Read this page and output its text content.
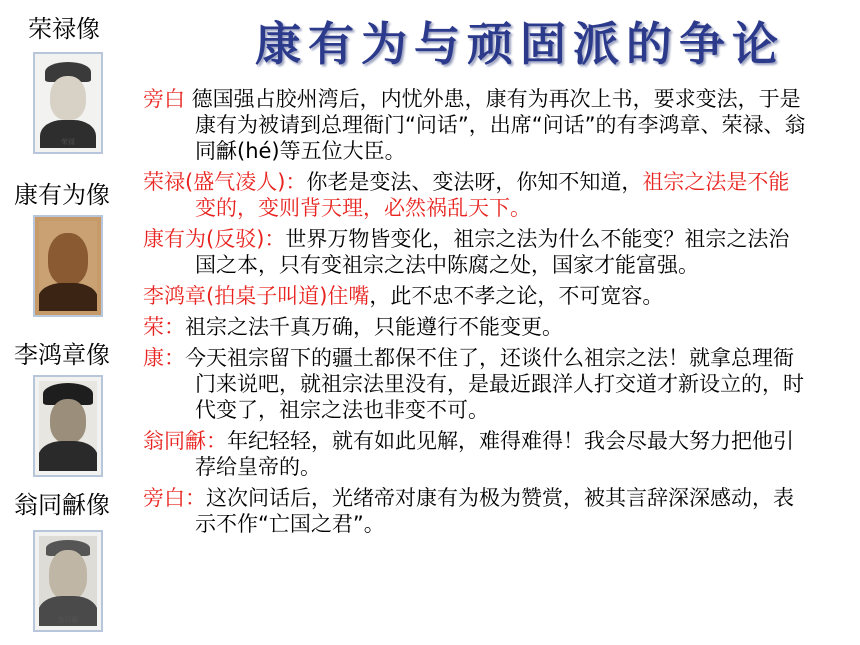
康有为与顽固派的争论
荣禄像
荣禄
康有为像
李鸿章像
翁同龢像
翁同龢

旁白 德国强占胶州湾后，内忧外患，康有为再次上书，要求变法，于是康有为被请到总理衙门“问话”，出席“问话”的有李鸿章、荣禄、翁同龢(hé)等五位大臣。

荣禄(盛气凌人)：你老是变法、变法呀，你知不知道，祖宗之法是不能变的，变则背天理，必然祸乱天下。

康有为(反驳)：世界万物皆变化，祖宗之法为什么不能变？祖宗之法治国之本，只有变祖宗之法中陈腐之处，国家才能富强。

李鸿章(拍桌子叫道)住嘴，此不忠不孝之论，不可宽容。

荣：祖宗之法千真万确，只能遵行不能变更。

康：今天祖宗留下的疆土都保不住了，还谈什么祖宗之法！就拿总理衙门来说吧，就祖宗法里没有，是最近跟洋人打交道才新设立的，时代变了，祖宗之法也非变不可。

翁同龢：年纪轻轻，就有如此见解，难得难得！我会尽最大努力把他引荐给皇帝的。

旁白：这次问话后，光绪帝对康有为极为赞赏，被其言辞深深感动，表示不作“亡国之君”。
